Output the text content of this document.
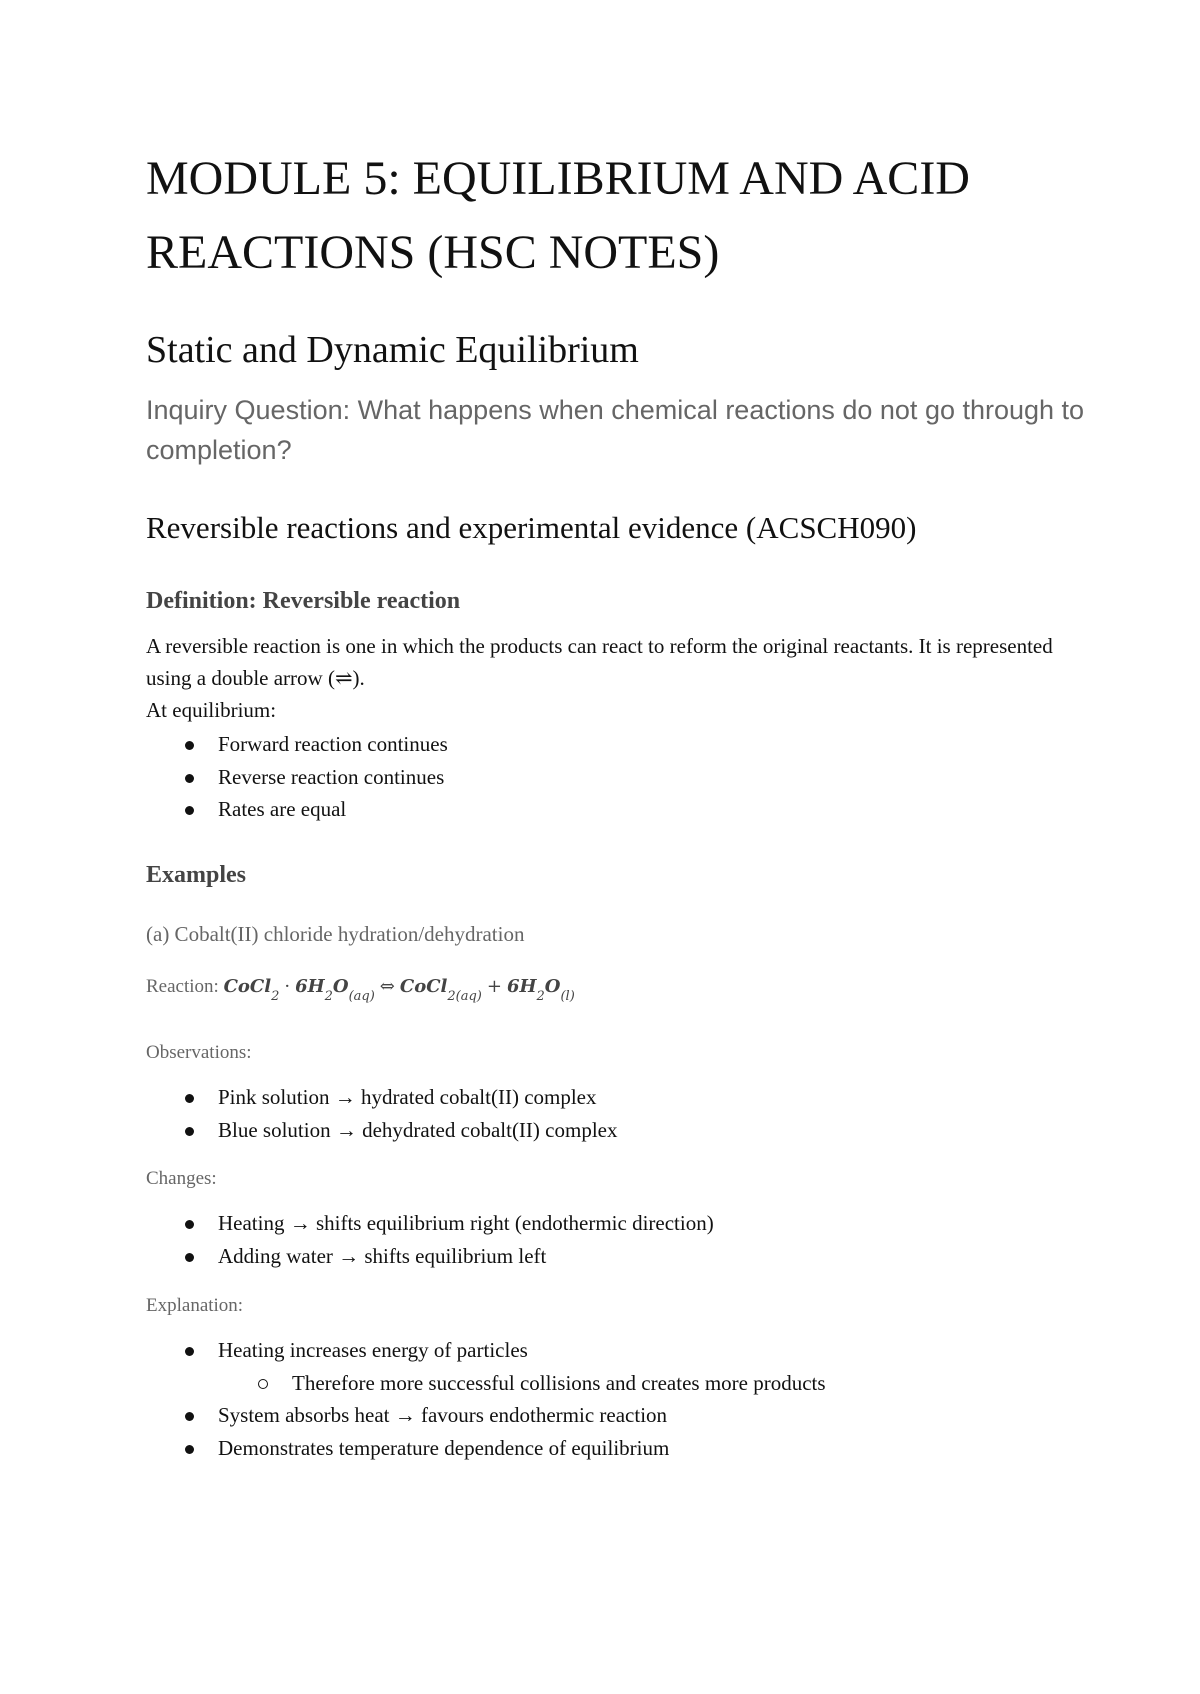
MODULE 5: EQUILIBRIUM AND ACID REACTIONS (HSC NOTES)
Static and Dynamic Equilibrium

Inquiry Question: What happens when chemical reactions do not go through to completion?

Reversible reactions and experimental evidence (ACSCH090)
Definition: Reversible reaction

A reversible reaction is one in which the products can react to reform the original reactants. It is represented using a double arrow (⇌).

At equilibrium:

Forward reaction continues
Reverse reaction continues
Rates are equal
Examples

(a) Cobalt(II) chloride hydration/dehydration

Reaction: CoCl$_2$ · $6H_2O_{(aq)}$ ⇔ CoCl$_{2(aq)}$ + $6H_2O_{(l)}$

Observations:

Pink solution → hydrated cobalt(II) complex
Blue solution → dehydrated cobalt(II) complex

Changes:

Heating → shifts equilibrium right (endothermic direction)
Adding water → shifts equilibrium left

Explanation:

Heating increases energy of particles
Therefore more successful collisions and creates more products
System absorbs heat → favours endothermic reaction
Demonstrates temperature dependence of equilibrium
